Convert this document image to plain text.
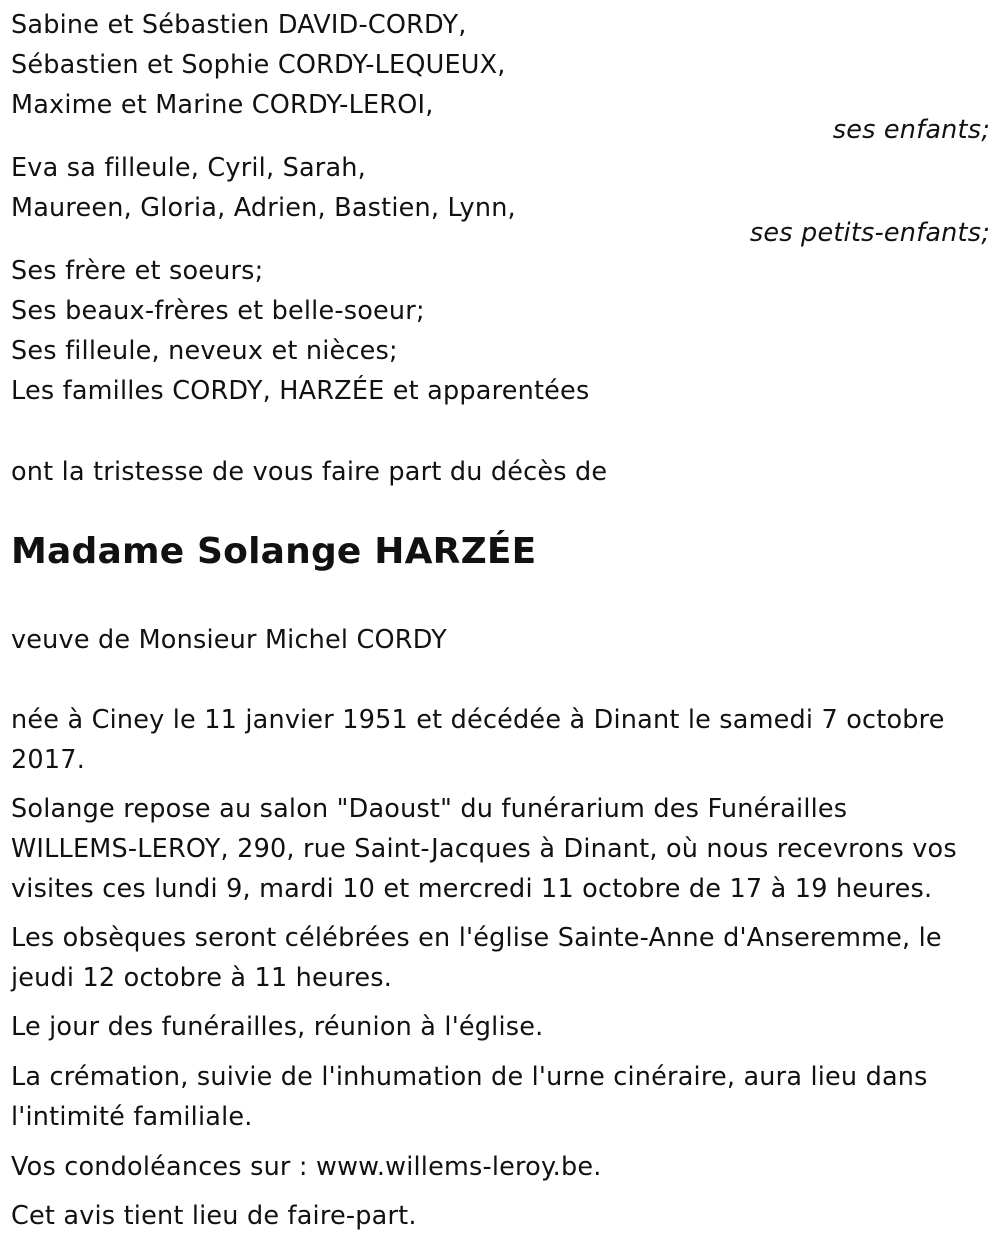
Sabine et Sébastien DAVID-CORDY,
Sébastien et Sophie CORDY-LEQUEUX,
Maxime et Marine CORDY-LEROI,
ses enfants;
Eva sa filleule, Cyril, Sarah,
Maureen, Gloria, Adrien, Bastien, Lynn,
ses petits-enfants;
Ses frère et soeurs;
Ses beaux-frères et belle-soeur;
Ses filleule, neveux et nièces;
Les familles CORDY, HARZÉE et apparentées
ont la tristesse de vous faire part du décès de
Madame Solange HARZÉE
veuve de Monsieur Michel CORDY
née à Ciney le 11 janvier 1951 et décédée à Dinant le samedi 7 octobre
2017.
Solange repose au salon "Daoust" du funérarium des Funérailles
WILLEMS-LEROY, 290, rue Saint-Jacques à Dinant, où nous recevrons vos
visites ces lundi 9, mardi 10 et mercredi 11 octobre de 17 à 19 heures.
Les obsèques seront célébrées en l'église Sainte-Anne d'Anseremme, le
jeudi 12 octobre à 11 heures.
Le jour des funérailles, réunion à l'église.
La crémation, suivie de l'inhumation de l'urne cinéraire, aura lieu dans
l'intimité familiale.
Vos condoléances sur : www.willems-leroy.be.
Cet avis tient lieu de faire-part.
